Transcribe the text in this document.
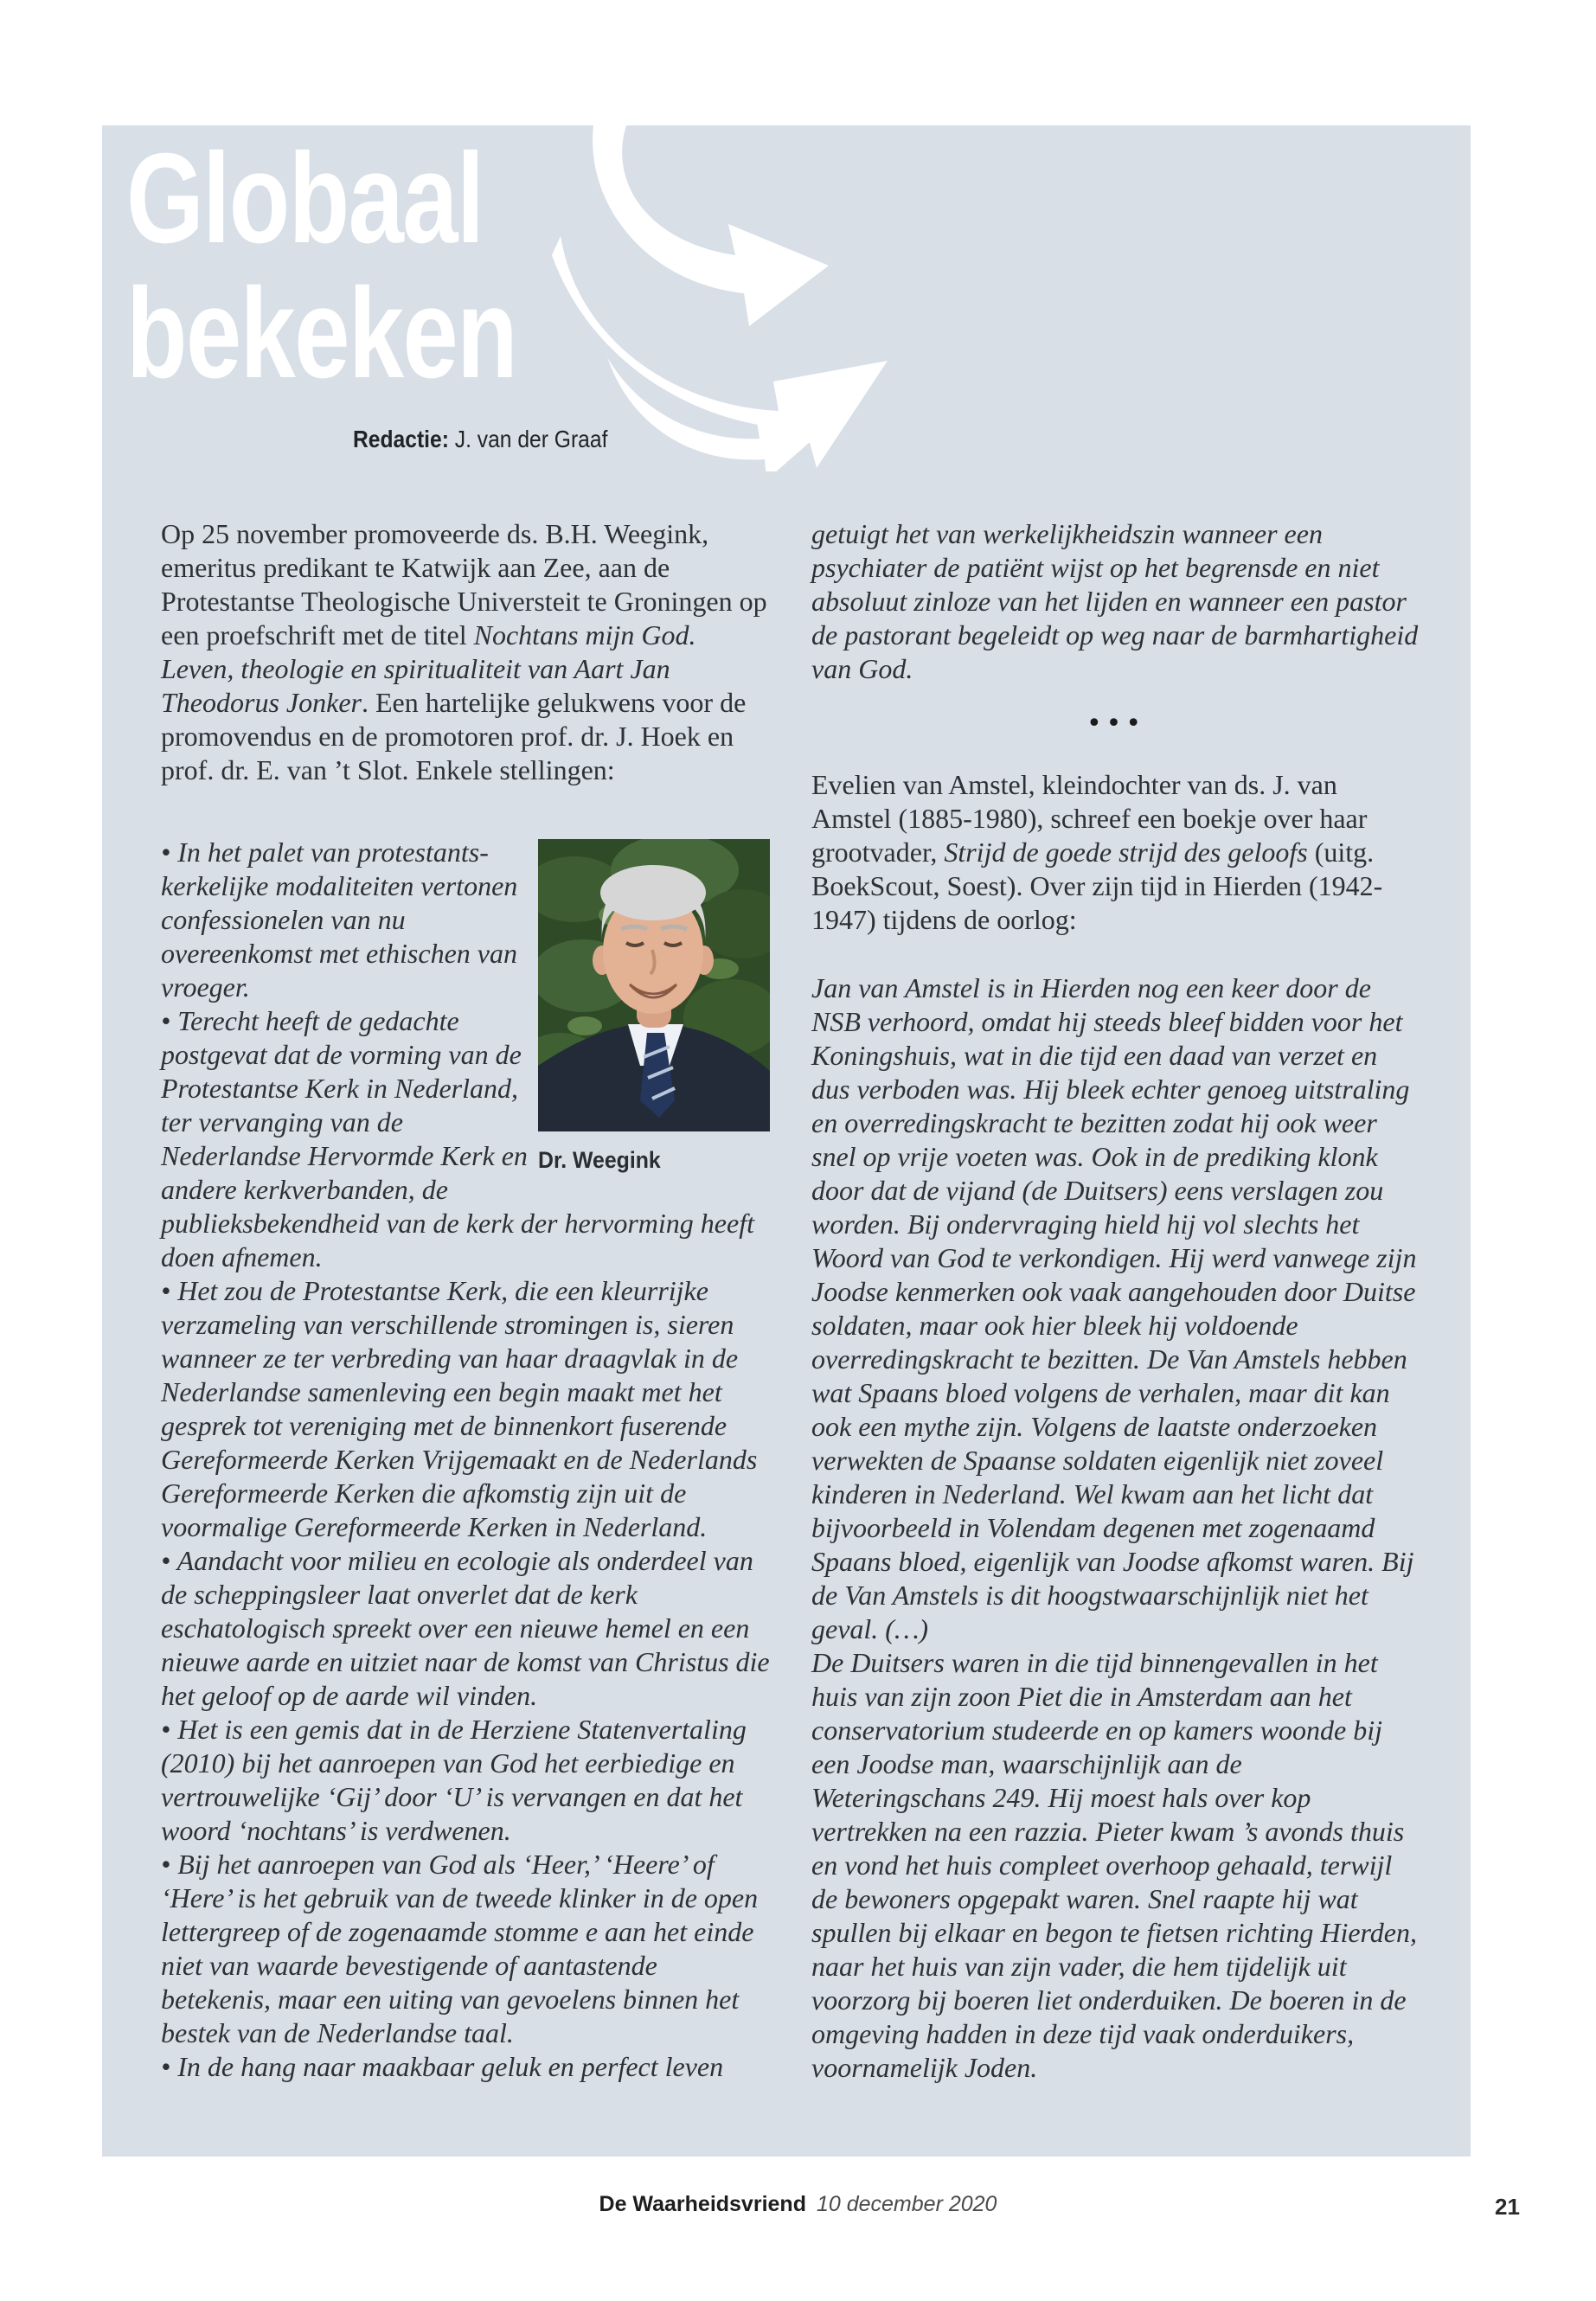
Globaal
bekeken
Redactie: J. van der Graaf

Op 25 november promoveerde ds. B.H. Weegink, emeritus predikant te Katwijk aan Zee, aan de Protestantse Theologische Universteit te Groningen op een proefschrift met de titel Nochtans mijn God. Leven, theologie en spiritualiteit van Aart Jan Theodorus Jonker. Een hartelijke gelukwens voor de promovendus en de promotoren prof. dr. J. Hoek en prof. dr. E. van ’t Slot. Enkele stellingen:

Dr. Weegink

• In het palet van protestants-kerkelijke modaliteiten vertonen confessionelen van nu overeenkomst met ethischen van vroeger.

• Terecht heeft de gedachte postgevat dat de vorming van de Protestantse Kerk in Nederland, ter vervanging van de Nederlandse Hervormde Kerk en andere kerkverbanden, de publieksbekendheid van de kerk der hervorming heeft doen afnemen.

• Het zou de Protestantse Kerk, die een kleurrijke verzameling van verschillende stromingen is, sieren wanneer ze ter verbreding van haar draagvlak in de Nederlandse samenleving een begin maakt met het gesprek tot vereniging met de binnenkort fuserende Gereformeerde Kerken Vrijgemaakt en de Nederlands Gereformeerde Kerken die afkomstig zijn uit de voormalige Gereformeerde Kerken in Nederland.

• Aandacht voor milieu en ecologie als onderdeel van de scheppingsleer laat onverlet dat de kerk eschatologisch spreekt over een nieuwe hemel en een nieuwe aarde en uitziet naar de komst van Christus die het geloof op de aarde wil vinden.

• Het is een gemis dat in de Herziene Statenvertaling (2010) bij het aanroepen van God het eerbiedige en vertrouwelijke ‘Gij’ door ‘U’ is vervangen en dat het woord ‘nochtans’ is verdwenen.

• Bij het aanroepen van God als ‘Heer,’ ‘Heere’ of ‘Here’ is het gebruik van de tweede klinker in de open lettergreep of de zogenaamde stomme e aan het einde niet van waarde bevestigende of aantastende betekenis, maar een uiting van gevoelens binnen het bestek van de Nederlandse taal.

• In de hang naar maakbaar geluk en perfect leven

getuigt het van werkelijkheidszin wanneer een psychiater de patiënt wijst op het begrensde en niet absoluut zinloze van het lijden en wanneer een pastor de pastorant begeleidt op weg naar de barmhartigheid van God.

•••

Evelien van Amstel, kleindochter van ds. J. van Amstel (1885-1980), schreef een boekje over haar grootvader, Strijd de goede strijd des geloofs (uitg. BoekScout, Soest). Over zijn tijd in Hierden (1942-1947) tijdens de oorlog:

Jan van Amstel is in Hierden nog een keer door de NSB verhoord, omdat hij steeds bleef bidden voor het Koningshuis, wat in die tijd een daad van verzet en dus verboden was. Hij bleek echter genoeg uitstraling en overredingskracht te bezitten zodat hij ook weer snel op vrije voeten was. Ook in de prediking klonk door dat de vijand (de Duitsers) eens verslagen zou worden. Bij ondervraging hield hij vol slechts het Woord van God te verkondigen. Hij werd vanwege zijn Joodse kenmerken ook vaak aangehouden door Duitse soldaten, maar ook hier bleek hij voldoende overredingskracht te bezitten. De Van Amstels hebben wat Spaans bloed volgens de verhalen, maar dit kan ook een mythe zijn. Volgens de laatste onderzoeken verwekten de Spaanse soldaten eigenlijk niet zoveel kinderen in Nederland. Wel kwam aan het licht dat bijvoorbeeld in Volendam degenen met zogenaamd Spaans bloed, eigenlijk van Joodse afkomst waren. Bij de Van Amstels is dit hoogstwaarschijnlijk niet het geval. (…)

De Duitsers waren in die tijd binnengevallen in het huis van zijn zoon Piet die in Amsterdam aan het conservatorium studeerde en op kamers woonde bij een Joodse man, waarschijnlijk aan de Weteringschans 249. Hij moest hals over kop vertrekken na een razzia. Pieter kwam ’s avonds thuis en vond het huis compleet overhoop gehaald, terwijl de bewoners opgepakt waren. Snel raapte hij wat spullen bij elkaar en begon te fietsen richting Hierden, naar het huis van zijn vader, die hem tijdelijk uit voorzorg bij boeren liet onderduiken. De boeren in de omgeving hadden in deze tijd vaak onderduikers, voornamelijk Joden.

De Waarheidsvriend 10 december 2020	21
